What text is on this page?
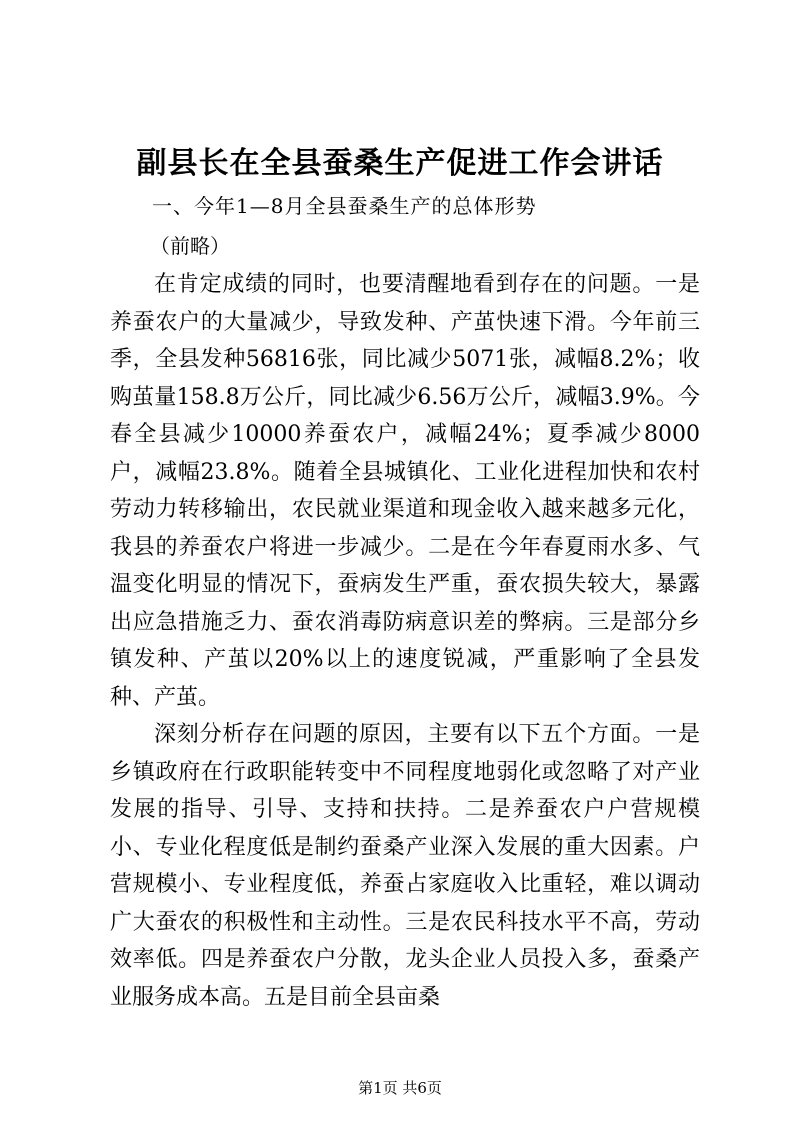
副县长在全县蚕桑生产促进工作会讲话

一、今年1—8月全县蚕桑生产的总体形势

（前略）

在肯定成绩的同时，也要清醒地看到存在的问题。一是养蚕农户的大量减少，导致发种、产茧快速下滑。今年前三季，全县发种56816张，同比减少5071张，减幅8.2%；收购茧量158.8万公斤，同比减少6.56万公斤，减幅3.9%。今春全县减少10000养蚕农户，减幅24%；夏季减少8000户，减幅23.8%。随着全县城镇化、工业化进程加快和农村劳动力转移输出，农民就业渠道和现金收入越来越多元化，我县的养蚕农户将进一步减少。二是在今年春夏雨水多、气温变化明显的情况下，蚕病发生严重，蚕农损失较大，暴露出应急措施乏力、蚕农消毒防病意识差的弊病。三是部分乡镇发种、产茧以20%以上的速度锐减，严重影响了全县发种、产茧。

深刻分析存在问题的原因，主要有以下五个方面。一是乡镇政府在行政职能转变中不同程度地弱化或忽略了对产业发展的指导、引导、支持和扶持。二是养蚕农户户营规模小、专业化程度低是制约蚕桑产业深入发展的重大因素。户营规模小、专业程度低，养蚕占家庭收入比重轻，难以调动广大蚕农的积极性和主动性。三是农民科技水平不高，劳动效率低。四是养蚕农户分散，龙头企业人员投入多，蚕桑产业服务成本高。五是目前全县亩桑

第1页 共6页
